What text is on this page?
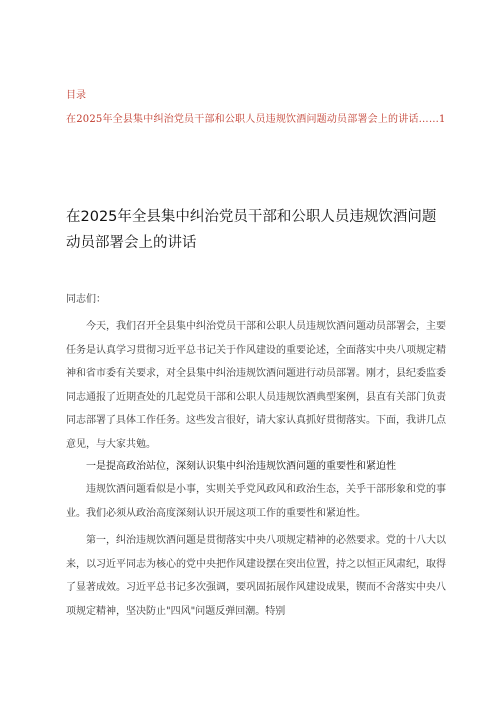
目录
在2025年全县集中纠治党员干部和公职人员违规饮酒问题动员部署会上的讲话……1
在2025年全县集中纠治党员干部和公职人员违规饮酒问题动员部署会上的讲话
同志们：

今天，我们召开全县集中纠治党员干部和公职人员违规饮酒问题动员部署会，主要任务是认真学习贯彻习近平总书记关于作风建设的重要论述，全面落实中央八项规定精神和省市委有关要求，对全县集中纠治违规饮酒问题进行动员部署。刚才，县纪委监委同志通报了近期查处的几起党员干部和公职人员违规饮酒典型案例，县直有关部门负责同志部署了具体工作任务。这些发言很好，请大家认真抓好贯彻落实。下面，我讲几点意见，与大家共勉。

一是提高政治站位，深刻认识集中纠治违规饮酒问题的重要性和紧迫性

违规饮酒问题看似是小事，实则关乎党风政风和政治生态，关乎干部形象和党的事业。我们必须从政治高度深刻认识开展这项工作的重要性和紧迫性。

第一，纠治违规饮酒问题是贯彻落实中央八项规定精神的必然要求。党的十八大以来，以习近平同志为核心的党中央把作风建设摆在突出位置，持之以恒正风肃纪，取得了显著成效。习近平总书记多次强调，要巩固拓展作风建设成果，锲而不舍落实中央八项规定精神，坚决防止"四风"问题反弹回潮。特别
